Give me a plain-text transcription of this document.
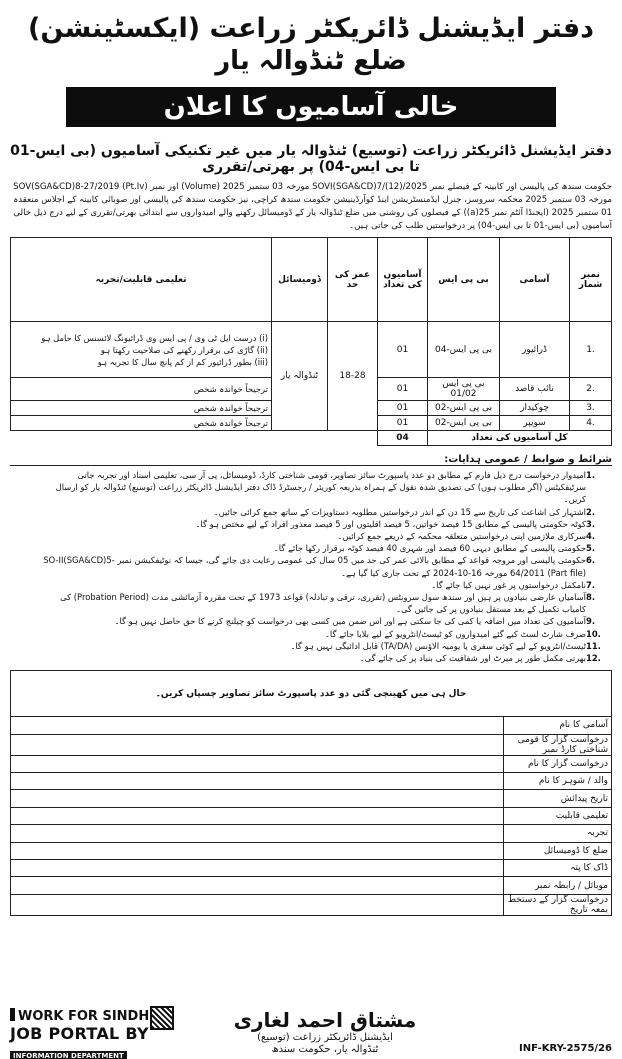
دفتر ایڈیشنل ڈائریکٹر زراعت (ایکسٹینشن)
ضلع ٹنڈوالہ یار
خالی آسامیوں کا اعلان
دفتر ایڈیشنل ڈائریکٹر زراعت (توسیع) ٹنڈوالہ یار میں غیر تکنیکی آسامیوں (بی ایس-01 تا بی ایس-04) پر بھرتی/تقرری
حکومت سندھ کی پالیسی اور کابینہ کے فیصلے نمبر SOVI(SGA&CD)7/(12)/2025 مورخہ 03 ستمبر 2025 (Volume) اور نمبر SOV(SGA&CD)8-27/2019 (Pt.Iv) مورخہ 03 ستمبر 2025 محکمہ سروسز، جنرل ایڈمنسٹریشن اینڈ کوآرڈینیشن حکومت سندھ کراچی، نیز حکومت سندھ کی پالیسی اور صوبائی کابینہ کے اجلاس منعقدہ 01 ستمبر 2025 (ایجنڈا آئٹم نمبر 25(a)) کے فیصلوں کی روشنی میں ضلع ٹنڈوالہ یار کے ڈومیسائل رکھنے والے امیدواروں سے ابتدائی بھرتی/تقرری کے لیے درج ذیل خالی آسامیوں (بی ایس-01 تا بی ایس-04) پر درخواستیں طلب کی جاتی ہیں۔
نمبر شمار	آسامی	بی پی ایس	آسامیوں کی تعداد	عمر کی حد	ڈومیسائل	تعلیمی قابلیت/تجربہ
1.	ڈرائیور	بی پی ایس-04	01	18-28	ٹنڈوالہ یار	(i) درست ایل ٹی وی / پی ایس وی ڈرائیونگ لائسنس کا حامل ہو
(ii) گاڑی کی برقرار رکھنے کی صلاحیت رکھتا ہو
(iii) بطور ڈرائیور کم از کم پانچ سال کا تجربہ ہو

2.	نائب قاصد	بی پی ایس 01/02	01			ترجیحاً خواندہ شخص
3.	چوکیدار	بی پی ایس-02	01			ترجیحاً خواندہ شخص
4.	سویپر	بی پی ایس-02	01			ترجیحاً خواندہ شخص
کل آسامیوں کی تعداد			04			
شرائط و ضوابط / عمومی ہدایات:
1.
امیدوار درخواست درج ذیل فارم کے مطابق دو عدد پاسپورٹ سائز تصاویر، قومی شناختی کارڈ، ڈومیسائل، پی آر سی، تعلیمی اسناد اور تجربہ جاتی سرٹیفکیٹس (اگر مطلوب ہوں) کی تصدیق شدہ نقول کے ہمراہ بذریعہ کوریئر / رجسٹرڈ ڈاک دفتر ایڈیشنل ڈائریکٹر زراعت (توسیع) ٹنڈوالہ یار کو ارسال کریں۔
2.
اشتہار کی اشاعت کی تاریخ سے 15 دن کے اندر درخواستیں مطلوبہ دستاویزات کے ساتھ جمع کرائی جائیں۔
3.
کوٹہ حکومتی پالیسی کے مطابق 15 فیصد خواتین، 5 فیصد اقلیتوں اور 5 فیصد معذور افراد کے لیے مختص ہو گا۔
4.
سرکاری ملازمین اپنی درخواستیں متعلقہ محکمہ کے ذریعے جمع کرائیں۔
5.
حکومتی پالیسی کے مطابق دیہی 60 فیصد اور شہری 40 فیصد کوٹہ برقرار رکھا جائے گا۔
6.
حکومتی پالیسی اور مروجہ قواعد کے مطابق بالائی عمر کی حد میں 05 سال کی عمومی رعایت دی جائے گی، جیسا کہ نوٹیفکیشن نمبر SO-II(SGA&CD)5-64/2011 (Part file) مورخہ 16-10-2024 کے تحت جاری کیا گیا ہے۔
7.
نامکمل درخواستوں پر غور نہیں کیا جائے گا۔
8.
آسامیاں عارضی بنیادوں پر ہیں اور سندھ سول سرونٹس (تقرری، ترقی و تبادلہ) قواعد 1973 کے تحت مقررہ آزمائشی مدت (Probation Period) کی کامیاب تکمیل کے بعد مستقل بنیادوں پر کی جائیں گی۔
9.
آسامیوں کی تعداد میں اضافہ یا کمی کی جا سکتی ہے اور اس ضمن میں کسی بھی درخواست کو چیلنج کرنے کا حق حاصل نہیں ہو گا۔
10.
صرف شارٹ لسٹ کیے گئے امیدواروں کو ٹیسٹ/انٹرویو کے لیے بلایا جائے گا۔
11.
ٹیسٹ/انٹرویو کے لیے کوئی سفری یا یومیہ الاؤنس (TA/DA) قابل ادائیگی نہیں ہو گا۔
12.
بھرتی مکمل طور پر میرٹ اور شفافیت کی بنیاد پر کی جائے گی۔
حال ہی میں کھینچی گئی دو عدد پاسپورٹ سائز تصاویر چسپاں کریں۔	
آسامی کا نام	
درخواست گزار کا قومی شناختی کارڈ نمبر	
درخواست گزار کا نام	
والد / شوہر کا نام	
تاریخ پیدائش	
تعلیمی قابلیت	
تجربہ	
ضلع کا ڈومیسائل	
ڈاک کا پتہ	
موبائل / رابطہ نمبر	
درخواست گزار کے دستخط بمعہ تاریخ	
WORK FOR SINDH
JOB PORTAL BY
INFORMATION DEPARTMENT
مشتاق احمد لغاری
ایڈیشنل ڈائریکٹر زراعت (توسیع)
ٹنڈوالہ یار، حکومت سندھ	INF-KRY-2575/26
